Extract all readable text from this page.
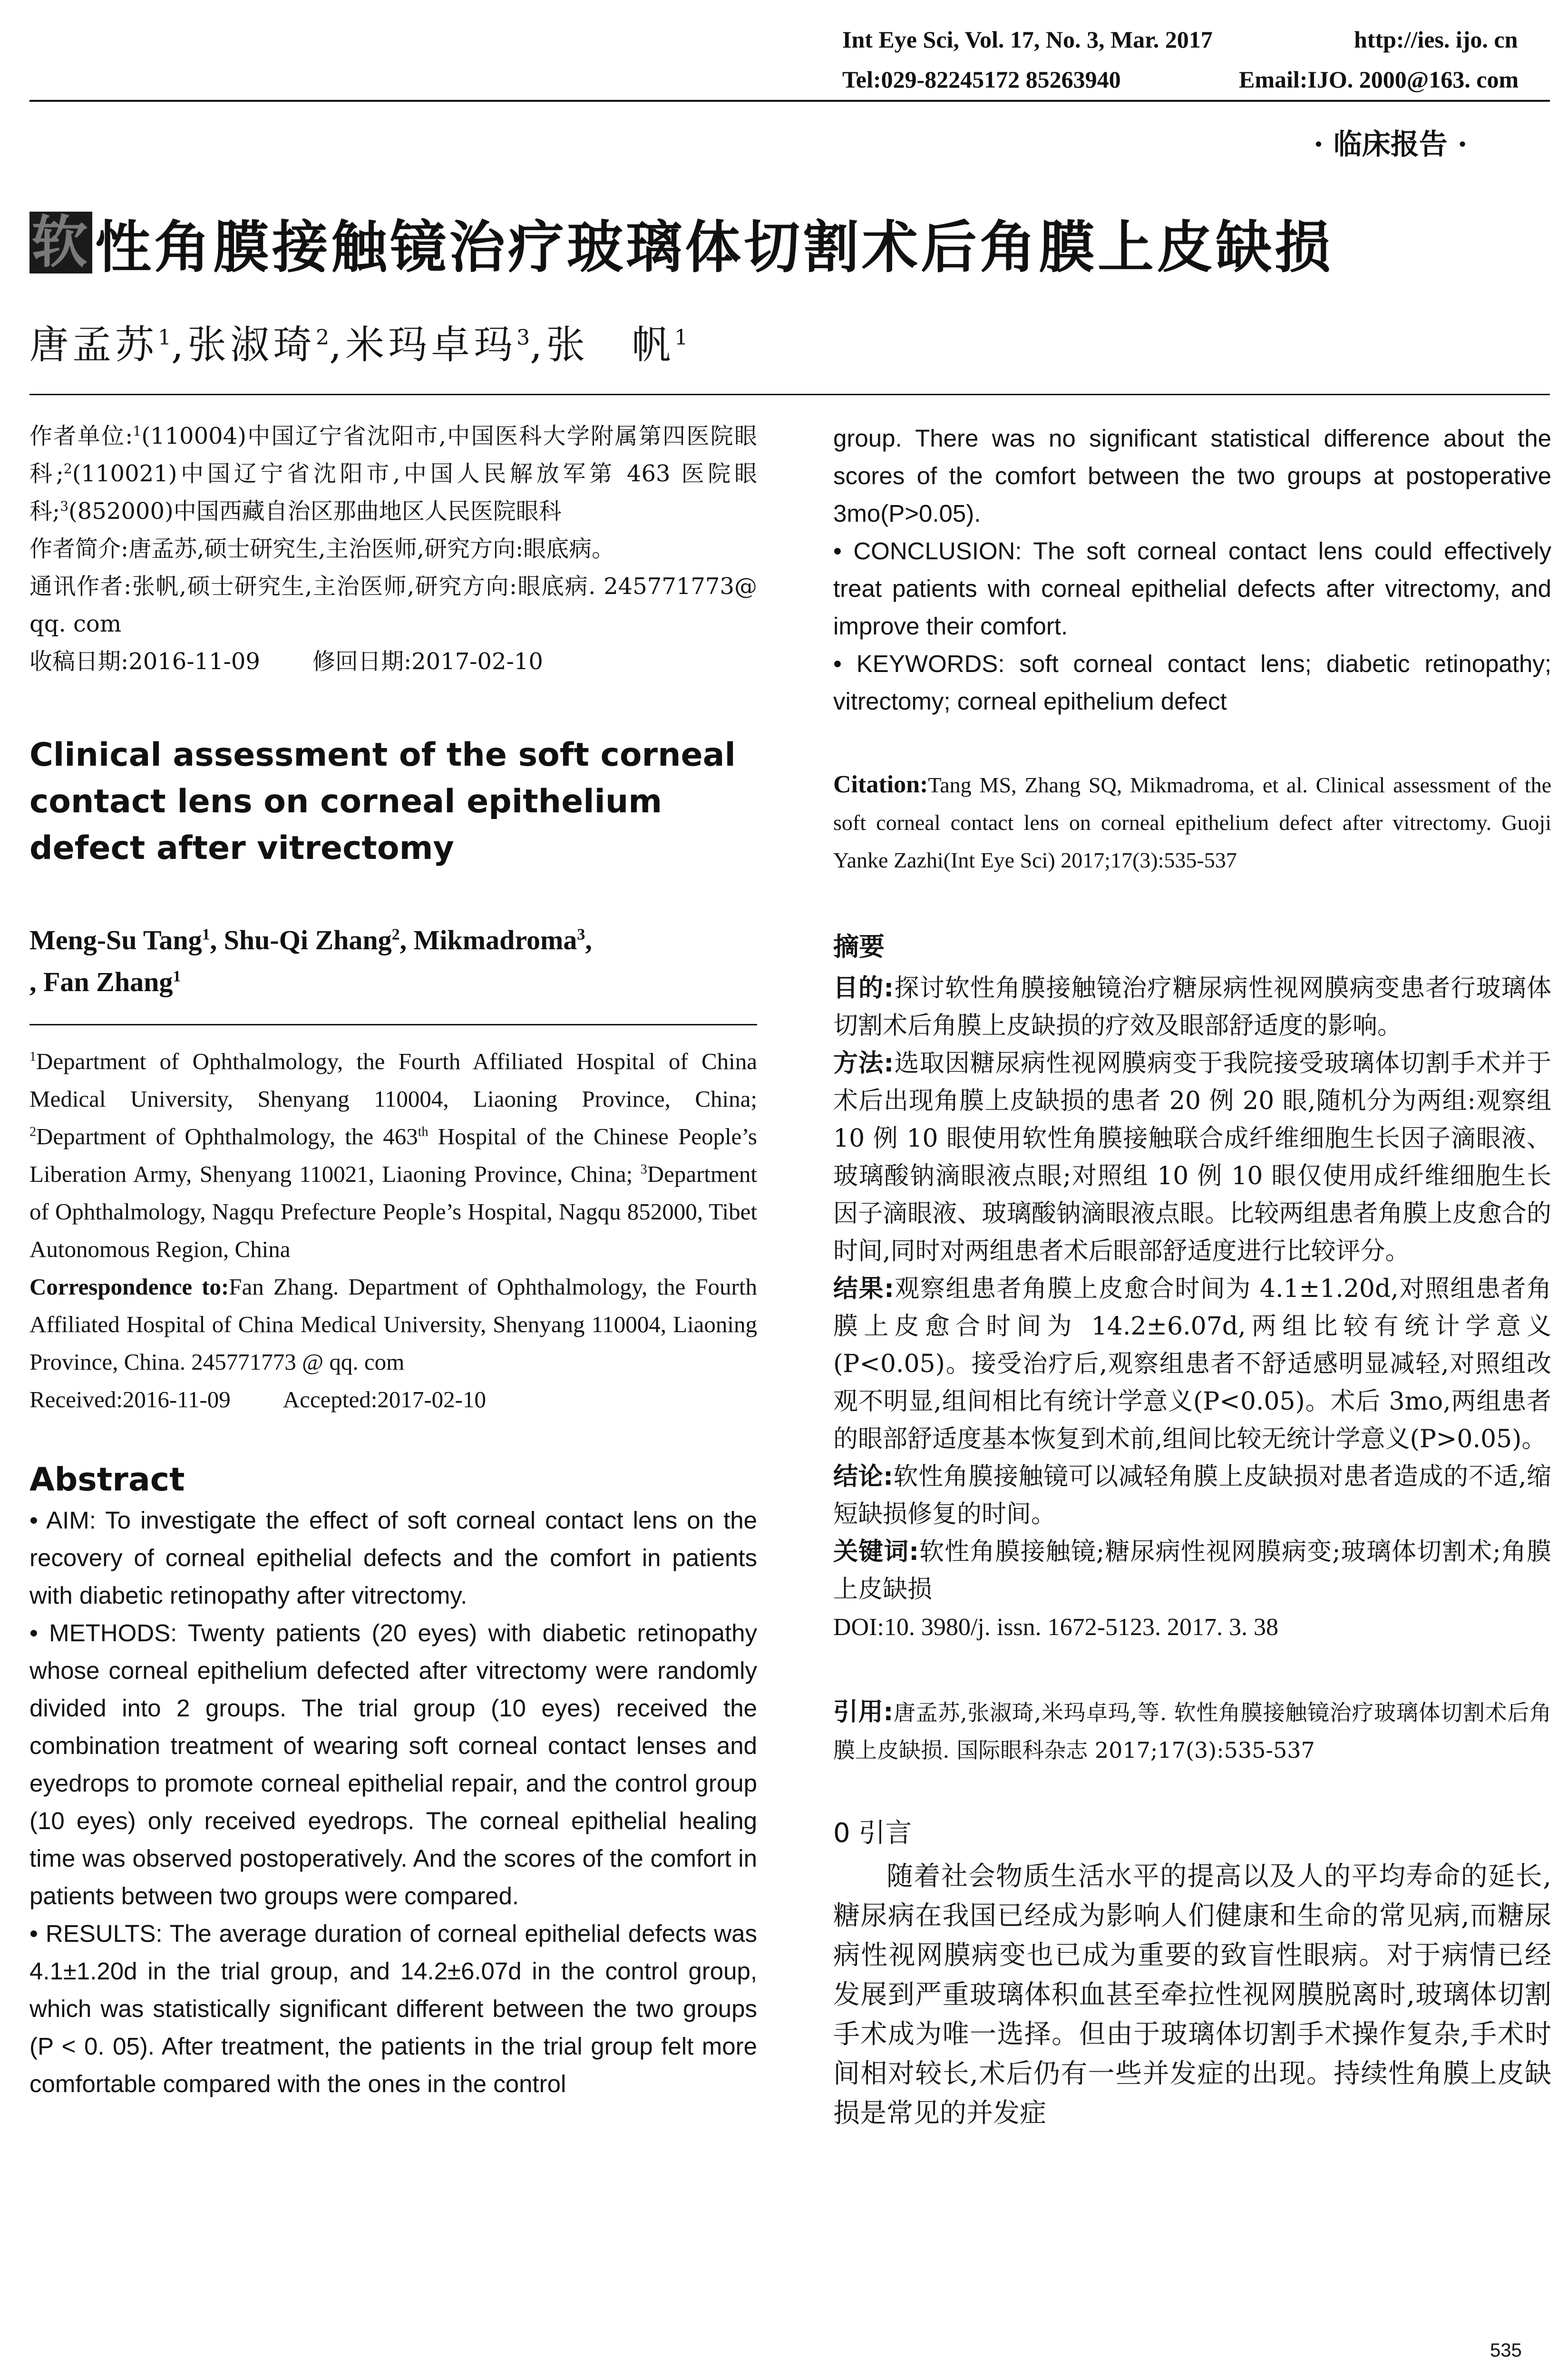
Int Eye Sci, Vol. 17, No. 3, Mar. 2017	http://ies. ijo. cn
Tel:029-82245172 85263940	Email:IJO. 2000@163. com
· 临床报告 ·
软 性角膜接触镜治疗玻璃体切割术后角膜上皮缺损
唐孟苏$^1$,张淑琦$^2$,米玛卓玛$^3$,张　帆$^1$

作者单位:$^1$(110004)中国辽宁省沈阳市,中国医科大学附属第四医院眼科;$^2$(110021)中国辽宁省沈阳市,中国人民解放军第 463 医院眼科;$^3$(852000)中国西藏自治区那曲地区人民医院眼科

作者简介:唐孟苏,硕士研究生,主治医师,研究方向:眼底病。

通讯作者:张帆,硕士研究生,主治医师,研究方向:眼底病. 245771773@ qq. com

收稿日期:2016-11-09 修回日期:2017-02-10

Clinical assessment of the soft corneal contact lens on corneal epithelium defect after vitrectomy

Meng-Su Tang$^1$, Shu-Qi Zhang$^2$, Mikmadroma$^3$,
, Fan Zhang$^1$

$^1$Department of Ophthalmology, the Fourth Affiliated Hospital of China Medical University, Shenyang 110004, Liaoning Province, China; $^2$Department of Ophthalmology, the 463th Hospital of the Chinese People’s Liberation Army, Shenyang 110021, Liaoning Province, China; $^3$Department of Ophthalmology, Nagqu Prefecture People’s Hospital, Nagqu 852000, Tibet Autonomous Region, China

Correspondence to:Fan Zhang. Department of Ophthalmology, the Fourth Affiliated Hospital of China Medical University, Shenyang 110004, Liaoning Province, China. 245771773 @ qq. com

Received:2016-11-09 Accepted:2017-02-10

Abstract

• AIM: To investigate the effect of soft corneal contact lens on the recovery of corneal epithelial defects and the comfort in patients with diabetic retinopathy after vitrectomy.

• METHODS: Twenty patients (20 eyes) with diabetic retinopathy whose corneal epithelium defected after vitrectomy were randomly divided into 2 groups. The trial group (10 eyes) received the combination treatment of wearing soft corneal contact lenses and eyedrops to promote corneal epithelial repair, and the control group (10 eyes) only received eyedrops. The corneal epithelial healing time was observed postoperatively. And the scores of the comfort in patients between two groups were compared.

• RESULTS: The average duration of corneal epithelial defects was 4.1±1.20d in the trial group, and 14.2±6.07d in the control group, which was statistically significant different between the two groups (P < 0. 05). After treatment, the patients in the trial group felt more comfortable compared with the ones in the control

group. There was no significant statistical difference about the scores of the comfort between the two groups at postoperative 3mo(P>0.05).

• CONCLUSION: The soft corneal contact lens could effectively treat patients with corneal epithelial defects after vitrectomy, and improve their comfort.

• KEYWORDS: soft corneal contact lens; diabetic retinopathy; vitrectomy; corneal epithelium defect

Citation:Tang MS, Zhang SQ, Mikmadroma, et al. Clinical assessment of the soft corneal contact lens on corneal epithelium defect after vitrectomy. Guoji Yanke Zazhi(Int Eye Sci) 2017;17(3):535-537

摘要

目的:探讨软性角膜接触镜治疗糖尿病性视网膜病变患者行玻璃体切割术后角膜上皮缺损的疗效及眼部舒适度的影响。

方法:选取因糖尿病性视网膜病变于我院接受玻璃体切割手术并于术后出现角膜上皮缺损的患者 20 例 20 眼,随机分为两组:观察组 10 例 10 眼使用软性角膜接触联合成纤维细胞生长因子滴眼液、玻璃酸钠滴眼液点眼;对照组 10 例 10 眼仅使用成纤维细胞生长因子滴眼液、玻璃酸钠滴眼液点眼。比较两组患者角膜上皮愈合的时间,同时对两组患者术后眼部舒适度进行比较评分。

结果:观察组患者角膜上皮愈合时间为 4.1±1.20d,对照组患者角膜上皮愈合时间为 14.2±6.07d,两组比较有统计学意义(P<0.05)。接受治疗后,观察组患者不舒适感明显减轻,对照组改观不明显,组间相比有统计学意义(P<0.05)。术后 3mo,两组患者的眼部舒适度基本恢复到术前,组间比较无统计学意义(P>0.05)。

结论:软性角膜接触镜可以减轻角膜上皮缺损对患者造成的不适,缩短缺损修复的时间。

关键词:软性角膜接触镜;糖尿病性视网膜病变;玻璃体切割术;角膜上皮缺损

DOI:10. 3980/j. issn. 1672-5123. 2017. 3. 38

引用:唐孟苏,张淑琦,米玛卓玛,等. 软性角膜接触镜治疗玻璃体切割术后角膜上皮缺损. 国际眼科杂志 2017;17(3):535-537

0 引言

随着社会物质生活水平的提高以及人的平均寿命的延长,糖尿病在我国已经成为影响人们健康和生命的常见病,而糖尿病性视网膜病变也已成为重要的致盲性眼病。对于病情已经发展到严重玻璃体积血甚至牵拉性视网膜脱离时,玻璃体切割手术成为唯一选择。但由于玻璃体切割手术操作复杂,手术时间相对较长,术后仍有一些并发症的出现。持续性角膜上皮缺损是常见的并发症

535
